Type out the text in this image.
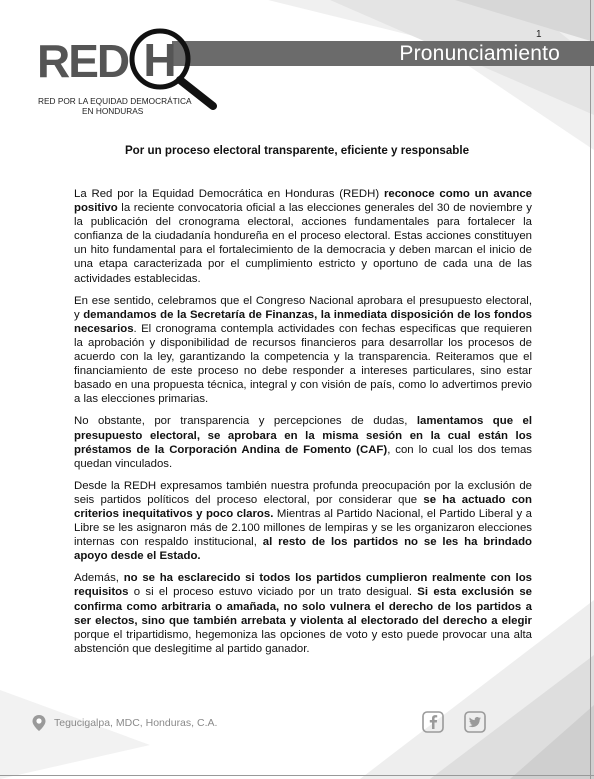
1
Pronunciamiento
RED H
RED POR LA EQUIDAD DEMOCRÁTICA
EN HONDURAS
Por un proceso electoral transparente, eficiente y responsable

La Red por la Equidad Democrática en Honduras (REDH) reconoce como un avance positivo la reciente convocatoria oficial a las elecciones generales del 30 de noviembre y la publicación del cronograma electoral, acciones fundamentales para fortalecer la confianza de la ciudadanía hondureña en el proceso electoral. Estas acciones constituyen un hito fundamental para el fortalecimiento de la democracia y deben marcan el inicio de una etapa caracterizada por el cumplimiento estricto y oportuno de cada una de las actividades establecidas.

En ese sentido, celebramos que el Congreso Nacional aprobara el presupuesto electoral, y demandamos de la Secretaría de Finanzas, la inmediata disposición de los fondos necesarios. El cronograma contempla actividades con fechas especificas que requieren la aprobación y disponibilidad de recursos financieros para desarrollar los procesos de acuerdo con la ley, garantizando la competencia y la transparencia. Reiteramos que el financiamiento de este proceso no debe responder a intereses particulares, sino estar basado en una propuesta técnica, integral y con visión de país, como lo advertimos previo a las elecciones primarias.

No obstante, por transparencia y percepciones de dudas, lamentamos que el presupuesto electoral, se aprobara en la misma sesión en la cual están los préstamos de la Corporación Andina de Fomento (CAF), con lo cual los dos temas quedan vinculados.

Desde la REDH expresamos también nuestra profunda preocupación por la exclusión de seis partidos políticos del proceso electoral, por considerar que se ha actuado con criterios inequitativos y poco claros. Mientras al Partido Nacional, el Partido Liberal y a Libre se les asignaron más de 2.100 millones de lempiras y se les organizaron elecciones internas con respaldo institucional, al resto de los partidos no se les ha brindado apoyo desde el Estado.

Además, no se ha esclarecido si todos los partidos cumplieron realmente con los requisitos o si el proceso estuvo viciado por un trato desigual. Si esta exclusión se confirma como arbitraria o amañada, no solo vulnera el derecho de los partidos a ser electos, sino que también arrebata y violenta al electorado del derecho a elegir porque el tripartidismo, hegemoniza las opciones de voto y esto puede provocar una alta abstención que deslegitime al partido ganador.

Tegucigalpa, MDC, Honduras, C.A.
